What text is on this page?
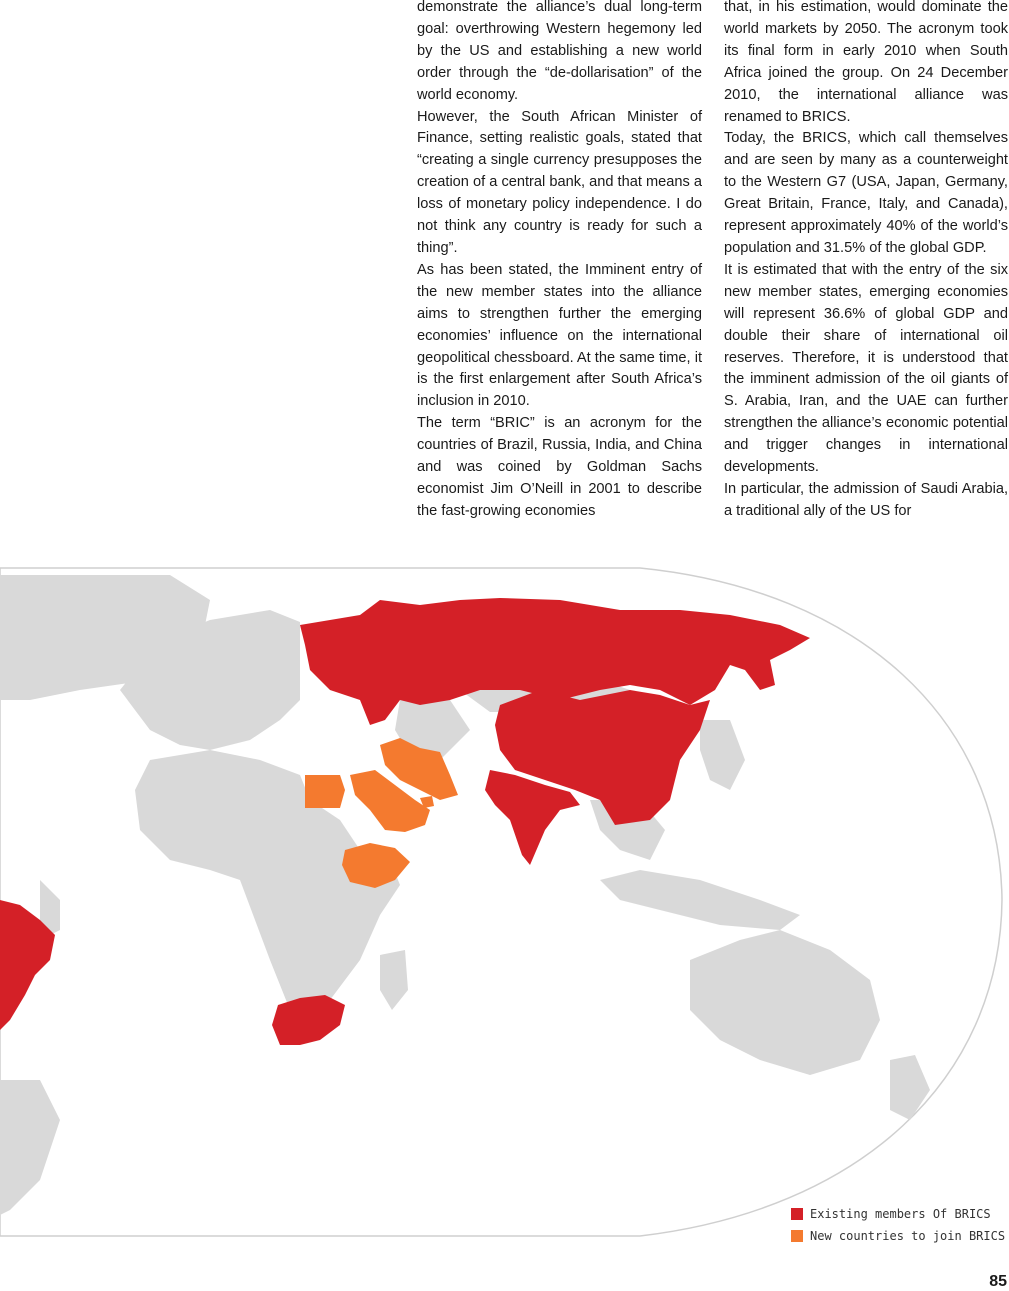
demonstrate the alliance’s dual long-term goal: overthrowing Western hegemony led by the US and establishing a new world order through the “de-dollarisation” of the world economy.

However, the South African Minister of Finance, setting realistic goals, stated that “creating a single currency presupposes the creation of a central bank, and that means a loss of monetary policy independence. I do not think any country is ready for such a thing”.

As has been stated, the Imminent entry of the new member states into the alliance aims to strengthen further the emerging economies’ influence on the international geopolitical chessboard. At the same time, it is the first enlargement after South Africa’s inclusion in 2010.

The term “BRIC” is an acronym for the countries of Brazil, Russia, India, and China and was coined by Goldman Sachs economist Jim O’Neill in 2001 to describe the fast-growing economies

that, in his estimation, would dominate the world markets by 2050. The acronym took its final form in early 2010 when South Africa joined the group. On 24 December 2010, the international alliance was renamed to BRICS.

Today, the BRICS, which call themselves and are seen by many as a counterweight to the Western G7 (USA, Japan, Germany, Great Britain, France, Italy, and Canada), represent approximately 40% of the world’s population and 31.5% of the global GDP.

It is estimated that with the entry of the six new member states, emerging economies will represent 36.6% of global GDP and double their share of international oil reserves. Therefore, it is understood that the imminent admission of the oil giants of S. Arabia, Iran, and the UAE can further strengthen the alliance’s economic potential and trigger changes in international developments.

In particular, the admission of Saudi Arabia, a traditional ally of the US for

Existing members Of BRICS
New countries to join BRICS
85
